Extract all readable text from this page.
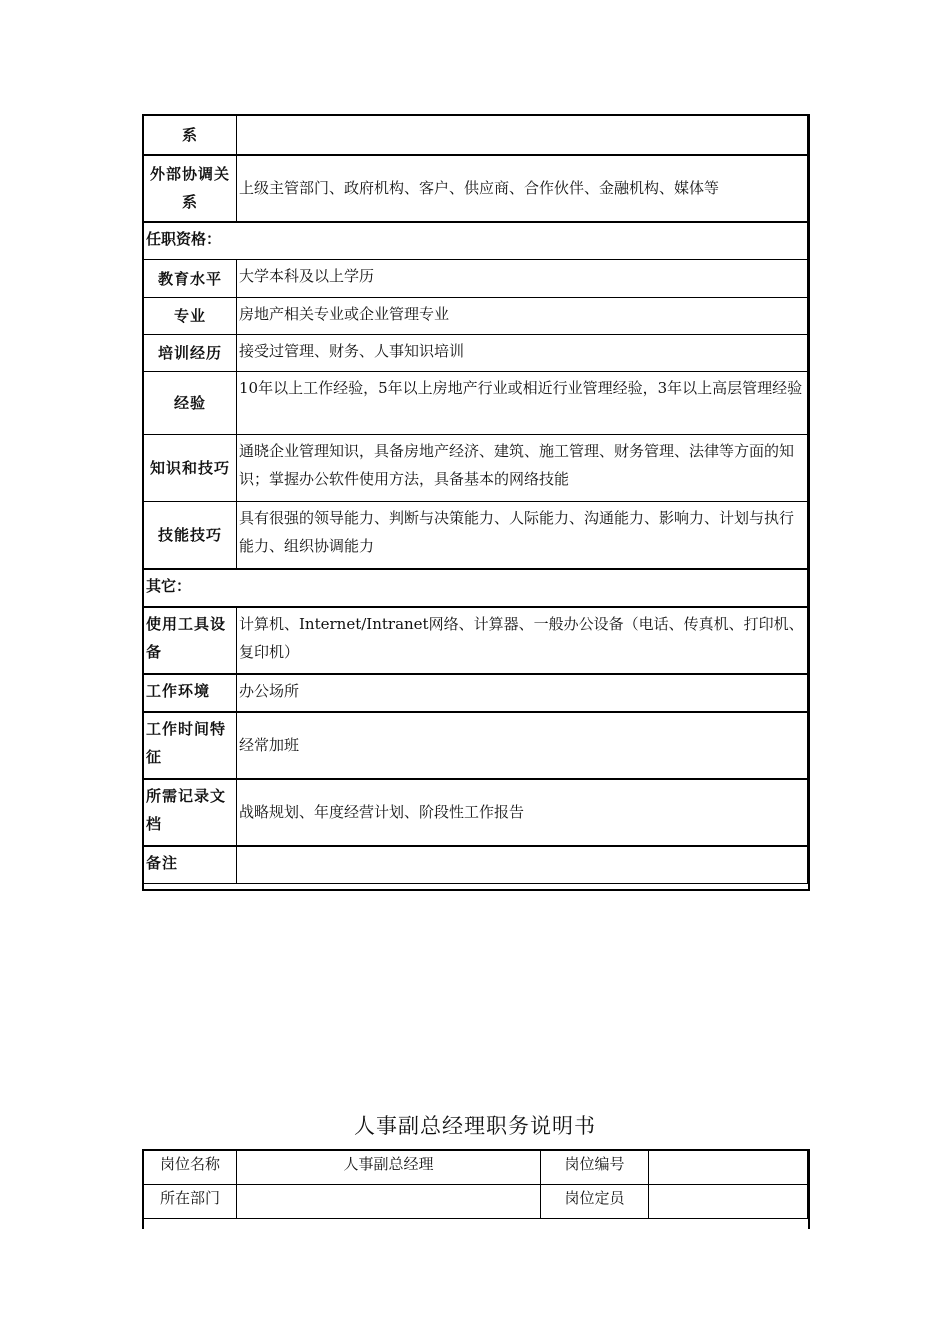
系	
外部协调关系	上级主管部门、政府机构、客户、供应商、合作伙伴、金融机构、媒体等
任职资格：	
教育水平	大学本科及以上学历
专业	房地产相关专业或企业管理专业
培训经历	接受过管理、财务、人事知识培训
经验	10年以上工作经验，5年以上房地产行业或相近行业管理经验，3年以上高层管理经验
知识和技巧	通晓企业管理知识，具备房地产经济、建筑、施工管理、财务管理、法律等方面的知识；掌握办公软件使用方法，具备基本的网络技能
技能技巧	具有很强的领导能力、判断与决策能力、人际能力、沟通能力、影响力、计划与执行能力、组织协调能力
其它：	
使用工具设备	计算机、Internet/Intranet网络、计算器、一般办公设备（电话、传真机、打印机、复印机）
工作环境	办公场所
工作时间特征	经常加班
所需记录文档	战略规划、年度经营计划、阶段性工作报告
备注	
人事副总经理职务说明书
岗位名称	人事副总经理	岗位编号	
所在部门		岗位定员	
